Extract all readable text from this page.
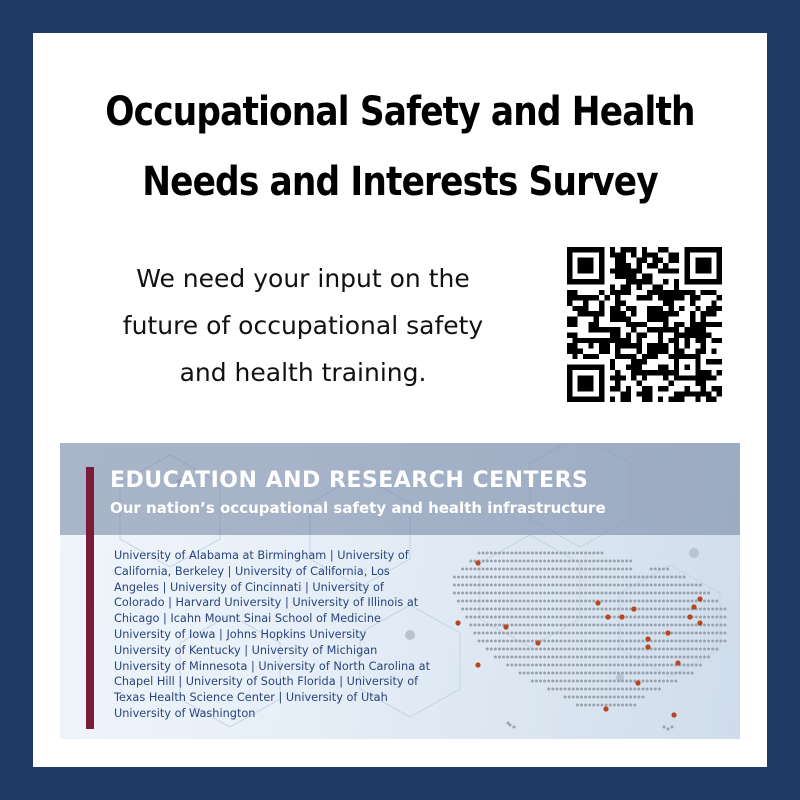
Occupational Safety and Health
Needs and Interests Survey

We need your input on the
future of occupational safety
and health training.

EDUCATION AND RESEARCH CENTERS

Our nation’s occupational safety and health infrastructure

University of Alabama at Birmingham | University of
California, Berkeley | University of California, Los
Angeles | University of Cincinnati | University of
Colorado | Harvard University | University of Illinois at
Chicago | Icahn Mount Sinai School of Medicine
University of Iowa | Johns Hopkins University
University of Kentucky | University of Michigan
University of Minnesota | University of North Carolina at
Chapel Hill | University of South Florida | University of
Texas Health Science Center | University of Utah
University of Washington
